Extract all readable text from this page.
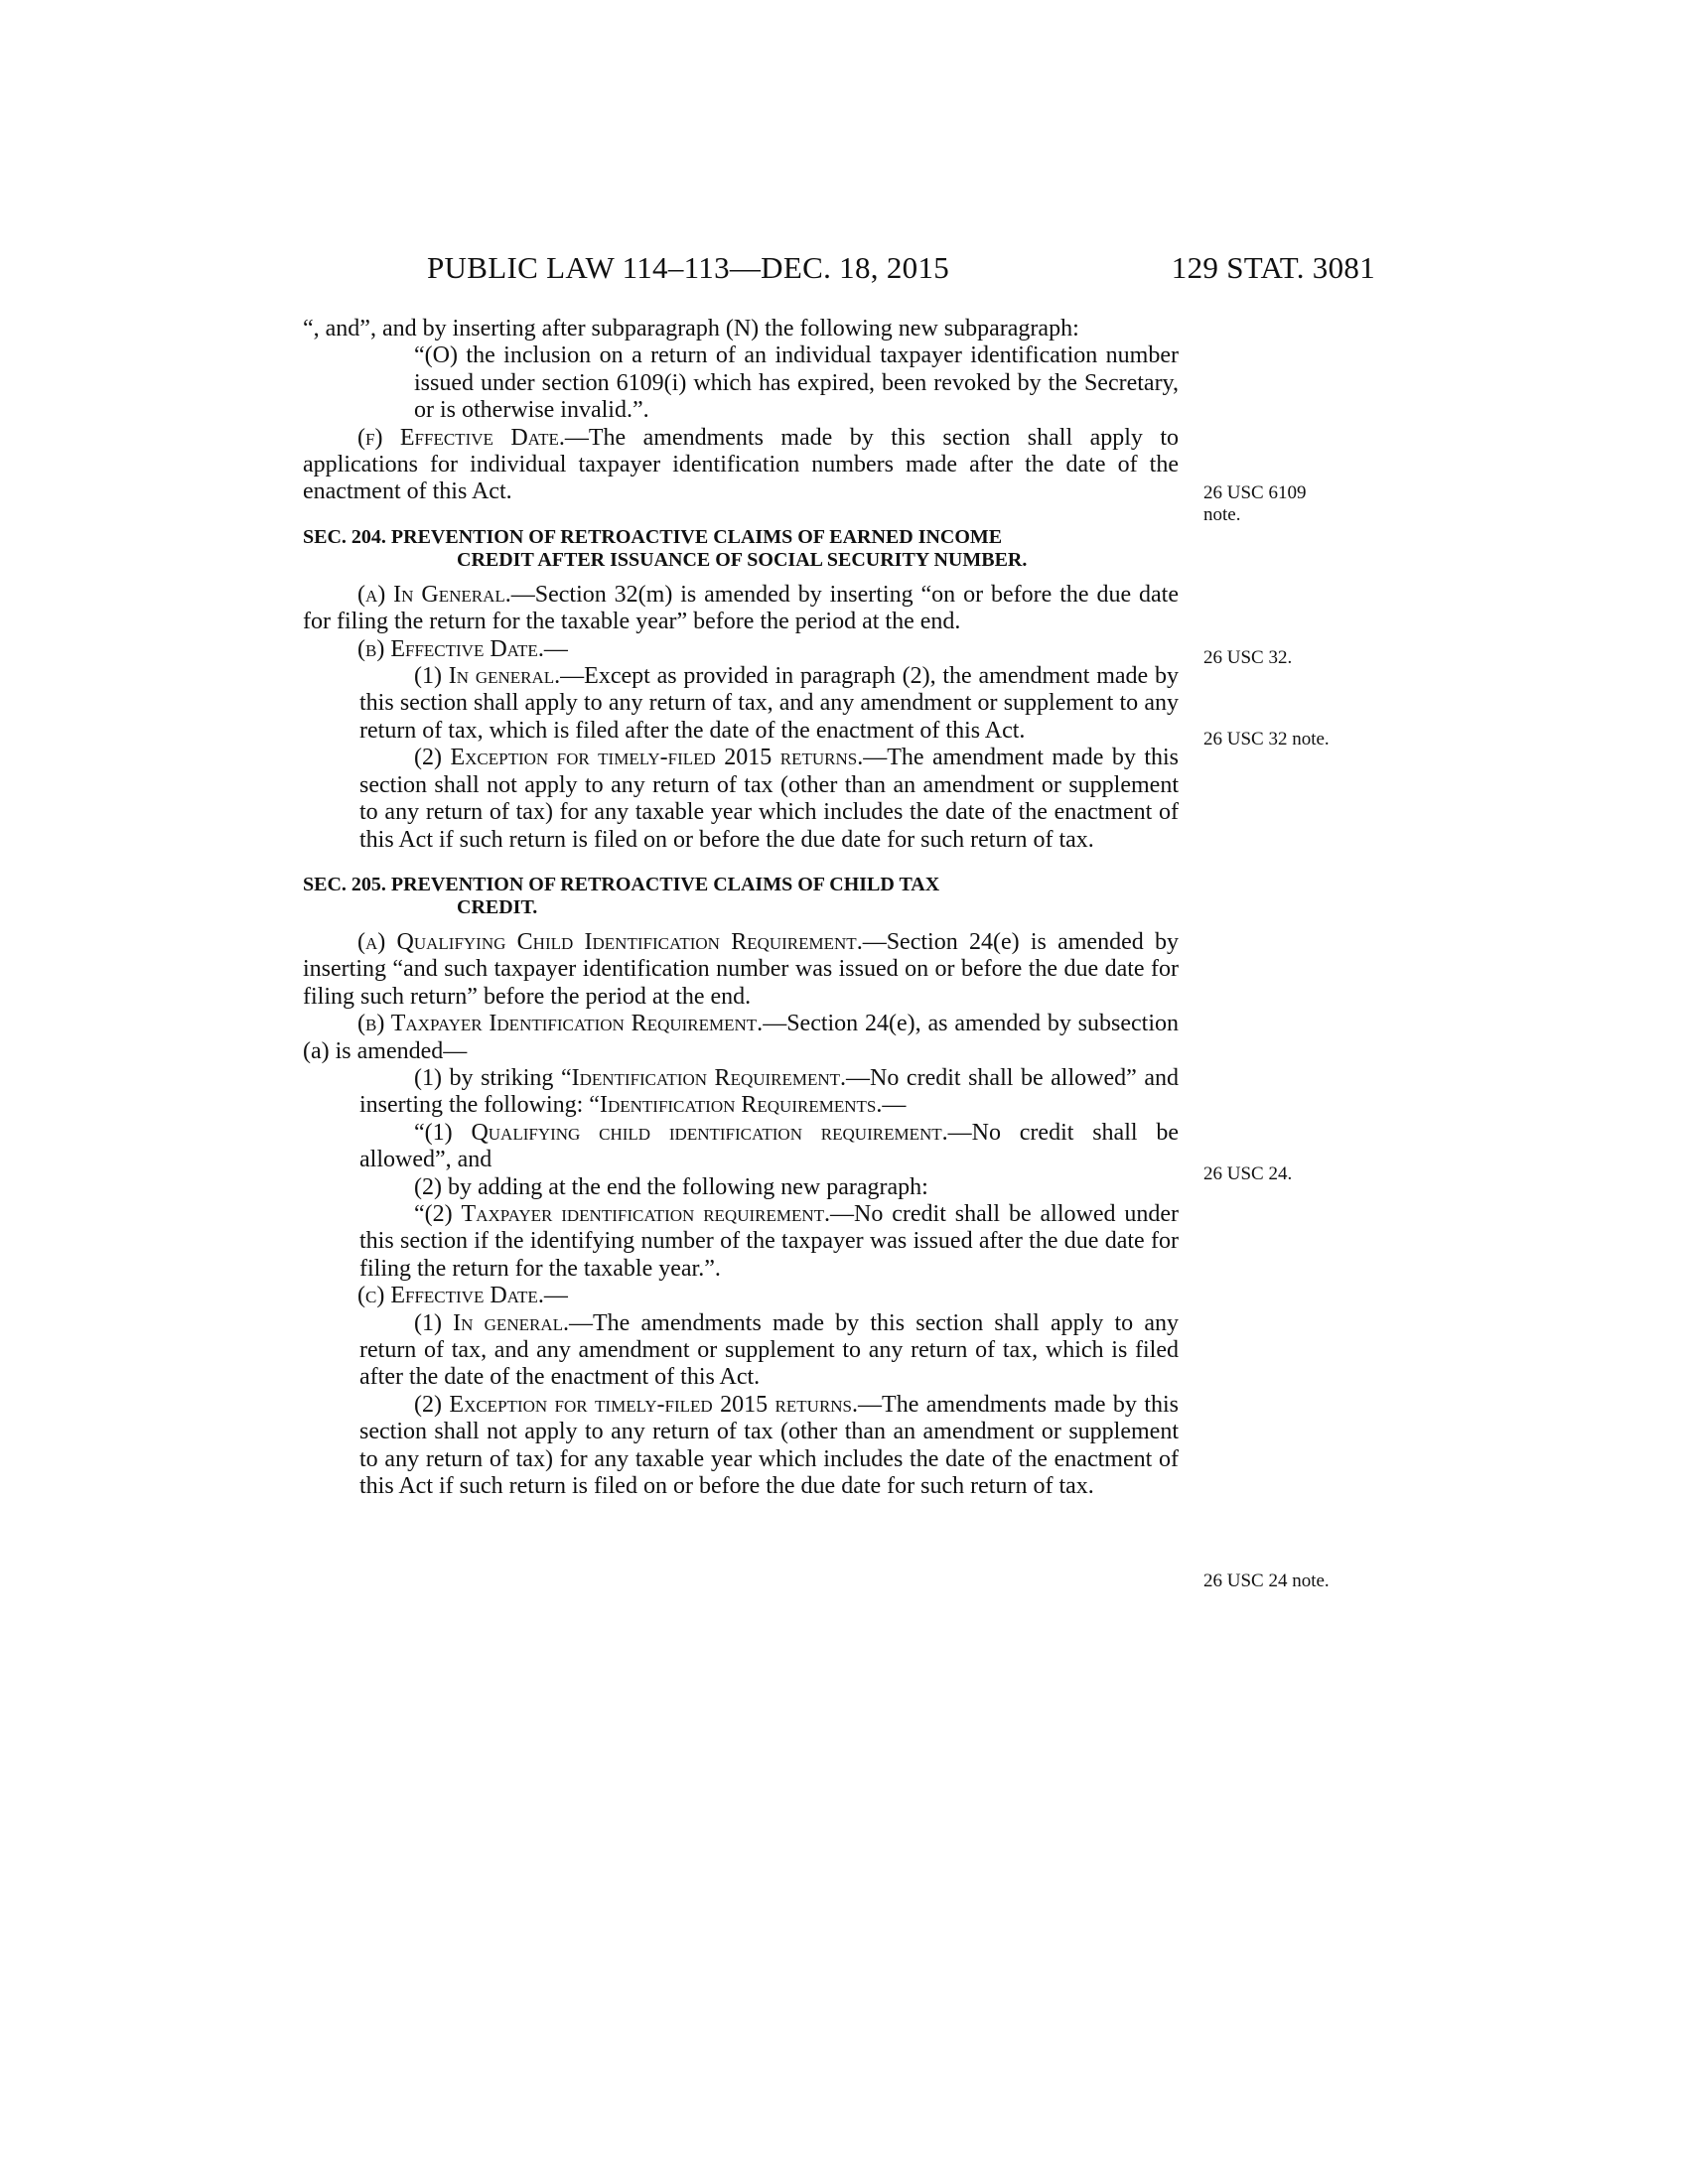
PUBLIC LAW 114–113—DEC. 18, 2015	129 STAT. 3081

“, and”, and by inserting after subparagraph (N) the following new subparagraph:

“(O) the inclusion on a return of an individual taxpayer identification number issued under section 6109(i) which has expired, been revoked by the Secretary, or is otherwise invalid.”.

(f) Effective Date.—The amendments made by this section shall apply to applications for individual taxpayer identification numbers made after the date of the enactment of this Act.

SEC. 204. PREVENTION OF RETROACTIVE CLAIMS OF EARNED INCOME
CREDIT AFTER ISSUANCE OF SOCIAL SECURITY NUMBER.

(a) In General.—Section 32(m) is amended by inserting “on or before the due date for filing the return for the taxable year” before the period at the end.

(b) Effective Date.—

(1) In general.—Except as provided in paragraph (2), the amendment made by this section shall apply to any return of tax, and any amendment or supplement to any return of tax, which is filed after the date of the enactment of this Act.

(2) Exception for timely-filed 2015 returns.—The amendment made by this section shall not apply to any return of tax (other than an amendment or supplement to any return of tax) for any taxable year which includes the date of the enactment of this Act if such return is filed on or before the due date for such return of tax.

SEC. 205. PREVENTION OF RETROACTIVE CLAIMS OF CHILD TAX
CREDIT.

(a) Qualifying Child Identification Requirement.—Section 24(e) is amended by inserting “and such taxpayer identification number was issued on or before the due date for filing such return” before the period at the end.

(b) Taxpayer Identification Requirement.—Section 24(e), as amended by subsection (a) is amended—

(1) by striking “Identification Requirement.—No credit shall be allowed” and inserting the following: “Identification Requirements.—

“(1) Qualifying child identification requirement.—No credit shall be allowed”, and

(2) by adding at the end the following new paragraph:

“(2) Taxpayer identification requirement.—No credit shall be allowed under this section if the identifying number of the taxpayer was issued after the due date for filing the return for the taxable year.”.

(c) Effective Date.—

(1) In general.—The amendments made by this section shall apply to any return of tax, and any amendment or supplement to any return of tax, which is filed after the date of the enactment of this Act.

(2) Exception for timely-filed 2015 returns.—The amendments made by this section shall not apply to any return of tax (other than an amendment or supplement to any return of tax) for any taxable year which includes the date of the enactment of this Act if such return is filed on or before the due date for such return of tax.

26 USC 6109
note.
26 USC 32.
26 USC 32 note.
26 USC 24.
26 USC 24 note.
